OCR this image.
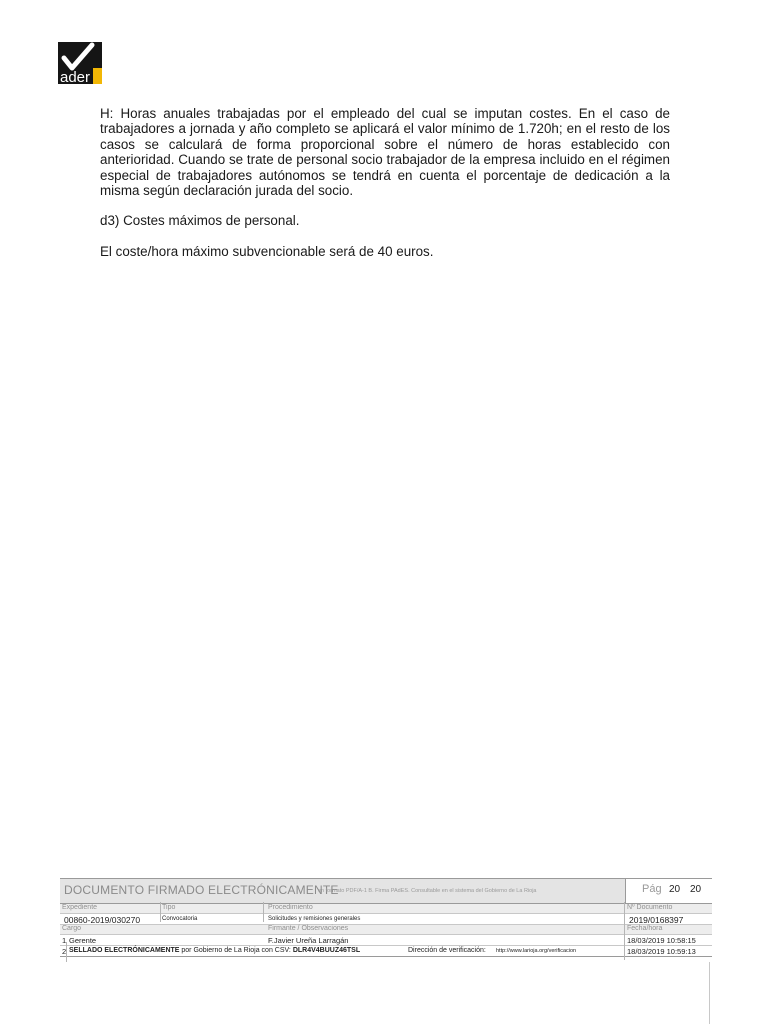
ader

H: Horas anuales trabajadas por el empleado del cual se imputan costes. En el caso de trabajadores a jornada y año completo se aplicará el valor mínimo de 1.720h; en el resto de los casos se calculará de forma proporcional sobre el número de horas establecido con anterioridad. Cuando se trate de personal socio trabajador de la empresa incluido en el régimen especial de trabajadores autónomos se tendrá en cuenta el porcentaje de dedicación a la misma según declaración jurada del socio.

d3) Costes máximos de personal.

El coste/hora máximo subvencionable será de 40 euros.

DOCUMENTO FIRMADO ELECTRÓNICAMENTE
en formato PDF/A-1 B. Firma PAdES. Consultable en el sistema del Gobierno de La Rioja	Pág 20 20
Expediente	Tipo	Procedimiento	Nº Documento
00860-2019/030270	Convocatoria	Solicitudes y remisiones generales	2019/0168397
Cargo	Firmante / Observaciones	Fecha/hora
1 Gerente	F.Javier Ureña Larragán	18/03/2019 10:58:15
2 SELLADO ELECTRÓNICAMENTE por Gobierno de La Rioja con CSV: DLR4V4BUUZ46TSL	Dirección de verificación: http://www.larioja.org/verificacion	18/03/2019 10:59:13
